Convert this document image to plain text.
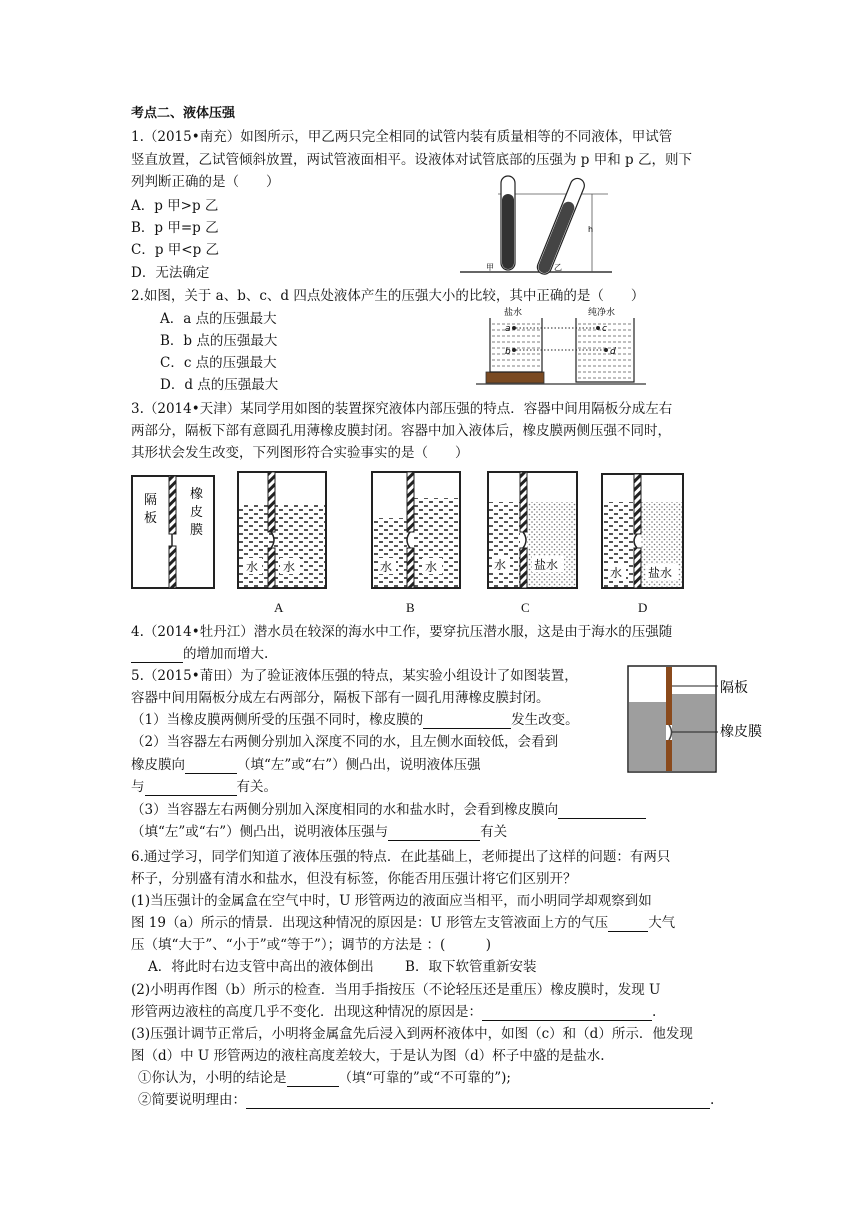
考点二、液体压强
1.（2015•南充）如图所示，甲乙两只完全相同的试管内装有质量相等的不同液体，甲试管
竖直放置，乙试管倾斜放置，两试管液面相平。设液体对试管底部的压强为 p 甲和 p 乙，则下
列判断正确的是（　　）
A．p 甲>p 乙
B．p 甲=p 乙
C．p 甲<p 乙
D．无法确定	甲	乙
h
2.如图，关于 a、b、c、d 四点处液体产生的压强大小的比较，其中正确的是（　　）
A．a 点的压强最大
B．b 点的压强最大
C．c 点的压强最大
D．d 点的压强最大
盐水	纯净水
a
b
c
d
3.（2014•天津）某同学用如图的装置探究液体内部压强的特点．容器中间用隔板分成左右
两部分，隔板下部有意圆孔用薄橡皮膜封闭。容器中加入液体后，橡皮膜两侧压强不同时，
其形状会发生改变，下列图形符合实验事实的是（　　）
隔
板
橡
皮
膜
水 水	水	水	水 盐水
水 盐水
A	B	C	D
4.（2014•牡丹江）潜水员在较深的海水中工作，要穿抗压潜水服，这是由于海水的压强随
的增加而增大.
5.（2015•莆田）为了验证液体压强的特点，某实验小组设计了如图装置，
容器中间用隔板分成左右两部分，隔板下部有一圆孔用薄橡皮膜封闭。
（1）当橡皮膜两侧所受的压强不同时，橡皮膜的	发生改变。
（2）当容器左右两侧分别加入深度不同的水，且左侧水面较低，会看到
橡皮膜向	（填“左”或“右”）侧凸出，说明液体压强
与	有关。
（3）当容器左右两侧分别加入深度相同的水和盐水时，会看到橡皮膜向
（填“左”或“右”）侧凸出，说明液体压强与	有关
隔板
橡皮膜
6.通过学习，同学们知道了液体压强的特点．在此基础上，老师提出了这样的问题：有两只
杯子，分别盛有清水和盐水，但没有标签，你能否用压强计将它们区别开？
(1)当压强计的金属盒在空气中时，U 形管两边的液面应当相平，而小明同学却观察到如
图 19（a）所示的情景．出现这种情况的原因是：U 形管左支管液面上方的气压	大气
压（填“大于”、“小于”或“等于”）；调节的方法是 ：(　　　)
A．将此时右边支管中高出的液体倒出　　 B．取下软管重新安装
(2)小明再作图（b）所示的检查．当用手指按压（不论轻压还是重压）橡皮膜时，发现 U
形管两边液柱的高度几乎不变化．出现这种情况的原因是：	.
(3)压强计调节正常后，小明将金属盒先后浸入到两杯液体中，如图（c）和（d）所示．他发现
图（d）中 U 形管两边的液柱高度差较大，于是认为图（d）杯子中盛的是盐水.
①你认为，小明的结论是	（填“可靠的”或“不可靠的”);
②简要说明理由：	.
